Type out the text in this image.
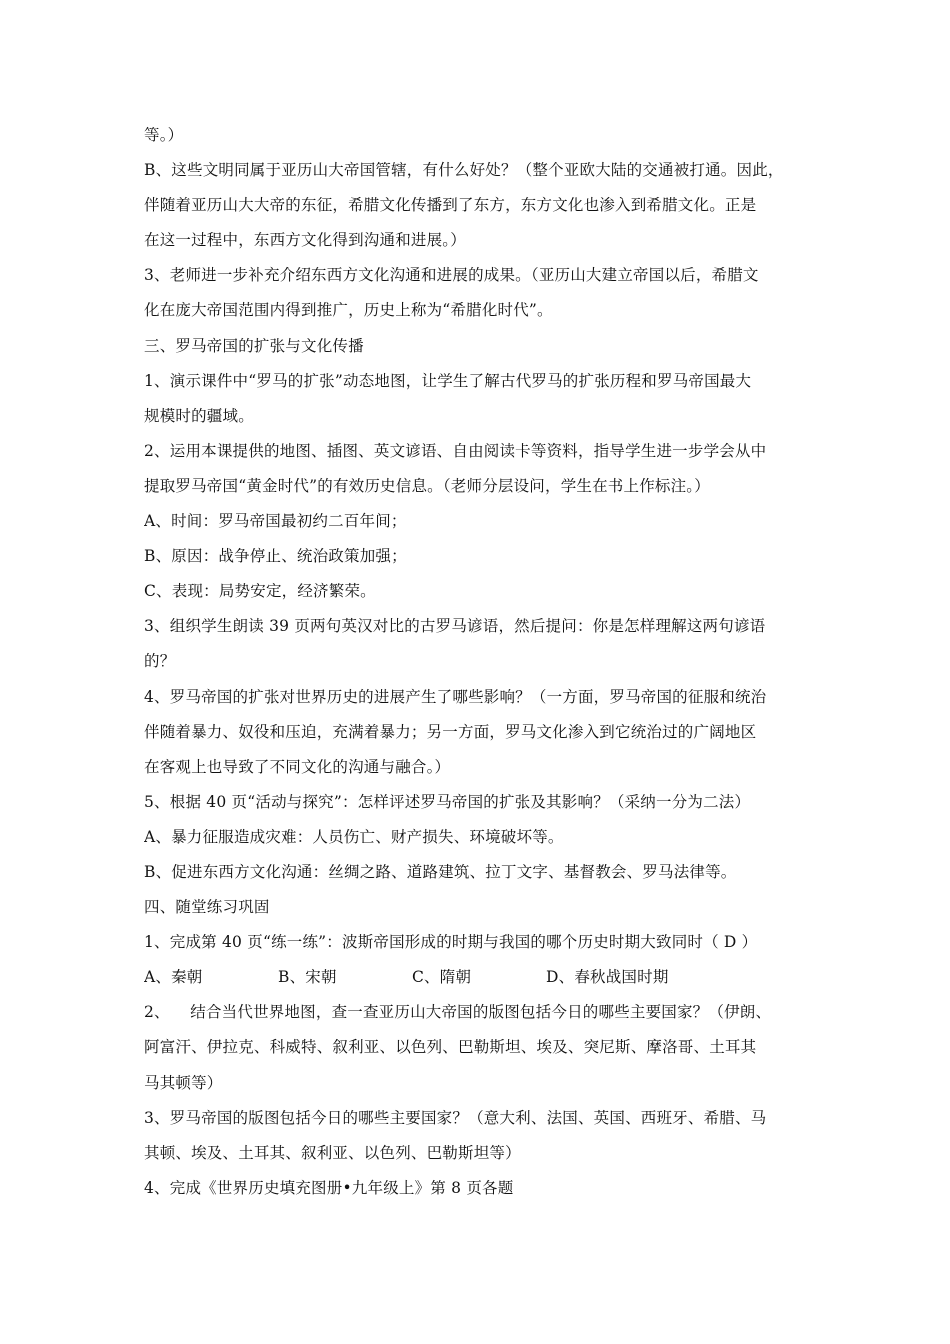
等。）
B、这些文明同属于亚历山大帝国管辖，有什么好处？（整个亚欧大陆的交通被打通。因此，
伴随着亚历山大大帝的东征，希腊文化传播到了东方，东方文化也渗入到希腊文化。正是
在这一过程中，东西方文化得到沟通和进展。）
3、老师进一步补充介绍东西方文化沟通和进展的成果。（亚历山大建立帝国以后，希腊文
化在庞大帝国范围内得到推广，历史上称为“希腊化时代”。
三、罗马帝国的扩张与文化传播
1、演示课件中“罗马的扩张”动态地图，让学生了解古代罗马的扩张历程和罗马帝国最大
规模时的疆域。
2、运用本课提供的地图、插图、英文谚语、自由阅读卡等资料，指导学生进一步学会从中
提取罗马帝国“黄金时代”的有效历史信息。（老师分层设问，学生在书上作标注。）
A、时间：罗马帝国最初约二百年间；
B、原因：战争停止、统治政策加强；
C、表现：局势安定，经济繁荣。
3、组织学生朗读 39 页两句英汉对比的古罗马谚语，然后提问：你是怎样理解这两句谚语
的？
4、罗马帝国的扩张对世界历史的进展产生了哪些影响？（一方面，罗马帝国的征服和统治
伴随着暴力、奴役和压迫，充满着暴力；另一方面，罗马文化渗入到它统治过的广阔地区
在客观上也导致了不同文化的沟通与融合。）
5、根据 40 页“活动与探究”：怎样评述罗马帝国的扩张及其影响？（采纳一分为二法）
A、暴力征服造成灾难：人员伤亡、财产损失、环境破坏等。
B、促进东西方文化沟通：丝绸之路、道路建筑、拉丁文字、基督教会、罗马法律等。
四、随堂练习巩固
1、完成第 40 页“练一练”：波斯帝国形成的时期与我国的哪个历史时期大致同时（ D ）
A、秦朝	B、宋朝	C、隋朝	D、春秋战国时期
2、    结合当代世界地图，查一查亚历山大帝国的版图包括今日的哪些主要国家？（伊朗、
阿富汗、伊拉克、科威特、叙利亚、以色列、巴勒斯坦、埃及、突尼斯、摩洛哥、土耳其
马其顿等）
3、罗马帝国的版图包括今日的哪些主要国家？（意大利、法国、英国、西班牙、希腊、马
其顿、埃及、土耳其、叙利亚、以色列、巴勒斯坦等）
4、完成《世界历史填充图册•九年级上》第 8 页各题
